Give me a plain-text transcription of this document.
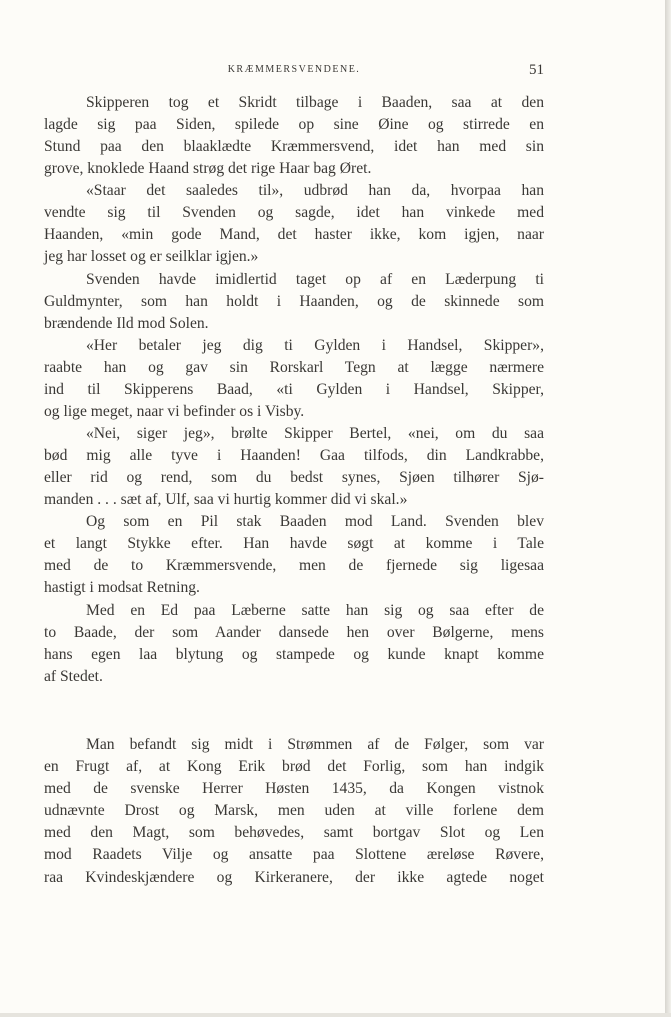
KRÆMMERSVENDENE.	51

Skipperen tog et Skridt tilbage i Baaden, saa at den
lagde sig paa Siden, spilede op sine Øine og stirrede en
Stund paa den blaaklædte Kræmmersvend, idet han med sin
grove, knoklede Haand strøg det rige Haar bag Øret.

«Staar det saaledes til», udbrød han da, hvorpaa han
vendte sig til Svenden og sagde, idet han vinkede med
Haanden, «min gode Mand, det haster ikke, kom igjen, naar
jeg har losset og er seilklar igjen.»

Svenden havde imidlertid taget op af en Læderpung ti
Guldmynter, som han holdt i Haanden, og de skinnede som
brændende Ild mod Solen.

«Her betaler jeg dig ti Gylden i Handsel, Skipper»,
raabte han og gav sin Rorskarl Tegn at lægge nærmere
ind til Skipperens Baad, «ti Gylden i Handsel, Skipper,
og lige meget, naar vi befinder os i Visby.

«Nei, siger jeg», brølte Skipper Bertel, «nei, om du saa
bød mig alle tyve i Haanden! Gaa tilfods, din Landkrabbe,
eller rid og rend, som du bedst synes, Sjøen tilhører Sjø-
manden . . . sæt af, Ulf, saa vi hurtig kommer did vi skal.»

Og som en Pil stak Baaden mod Land. Svenden blev
et langt Stykke efter. Han havde søgt at komme i Tale
med de to Kræmmersvende, men de fjernede sig ligesaa
hastigt i modsat Retning.

Med en Ed paa Læberne satte han sig og saa efter de
to Baade, der som Aander dansede hen over Bølgerne, mens
hans egen laa blytung og stampede og kunde knapt komme
af Stedet.

Man befandt sig midt i Strømmen af de Følger, som var
en Frugt af, at Kong Erik brød det Forlig, som han indgik
med de svenske Herrer Høsten 1435, da Kongen vistnok
udnævnte Drost og Marsk, men uden at ville forlene dem
med den Magt, som behøvedes, samt bortgav Slot og Len
mod Raadets Vilje og ansatte paa Slottene æreløse Røvere,
raa Kvindeskjændere og Kirkeranere, der ikke agtede noget
